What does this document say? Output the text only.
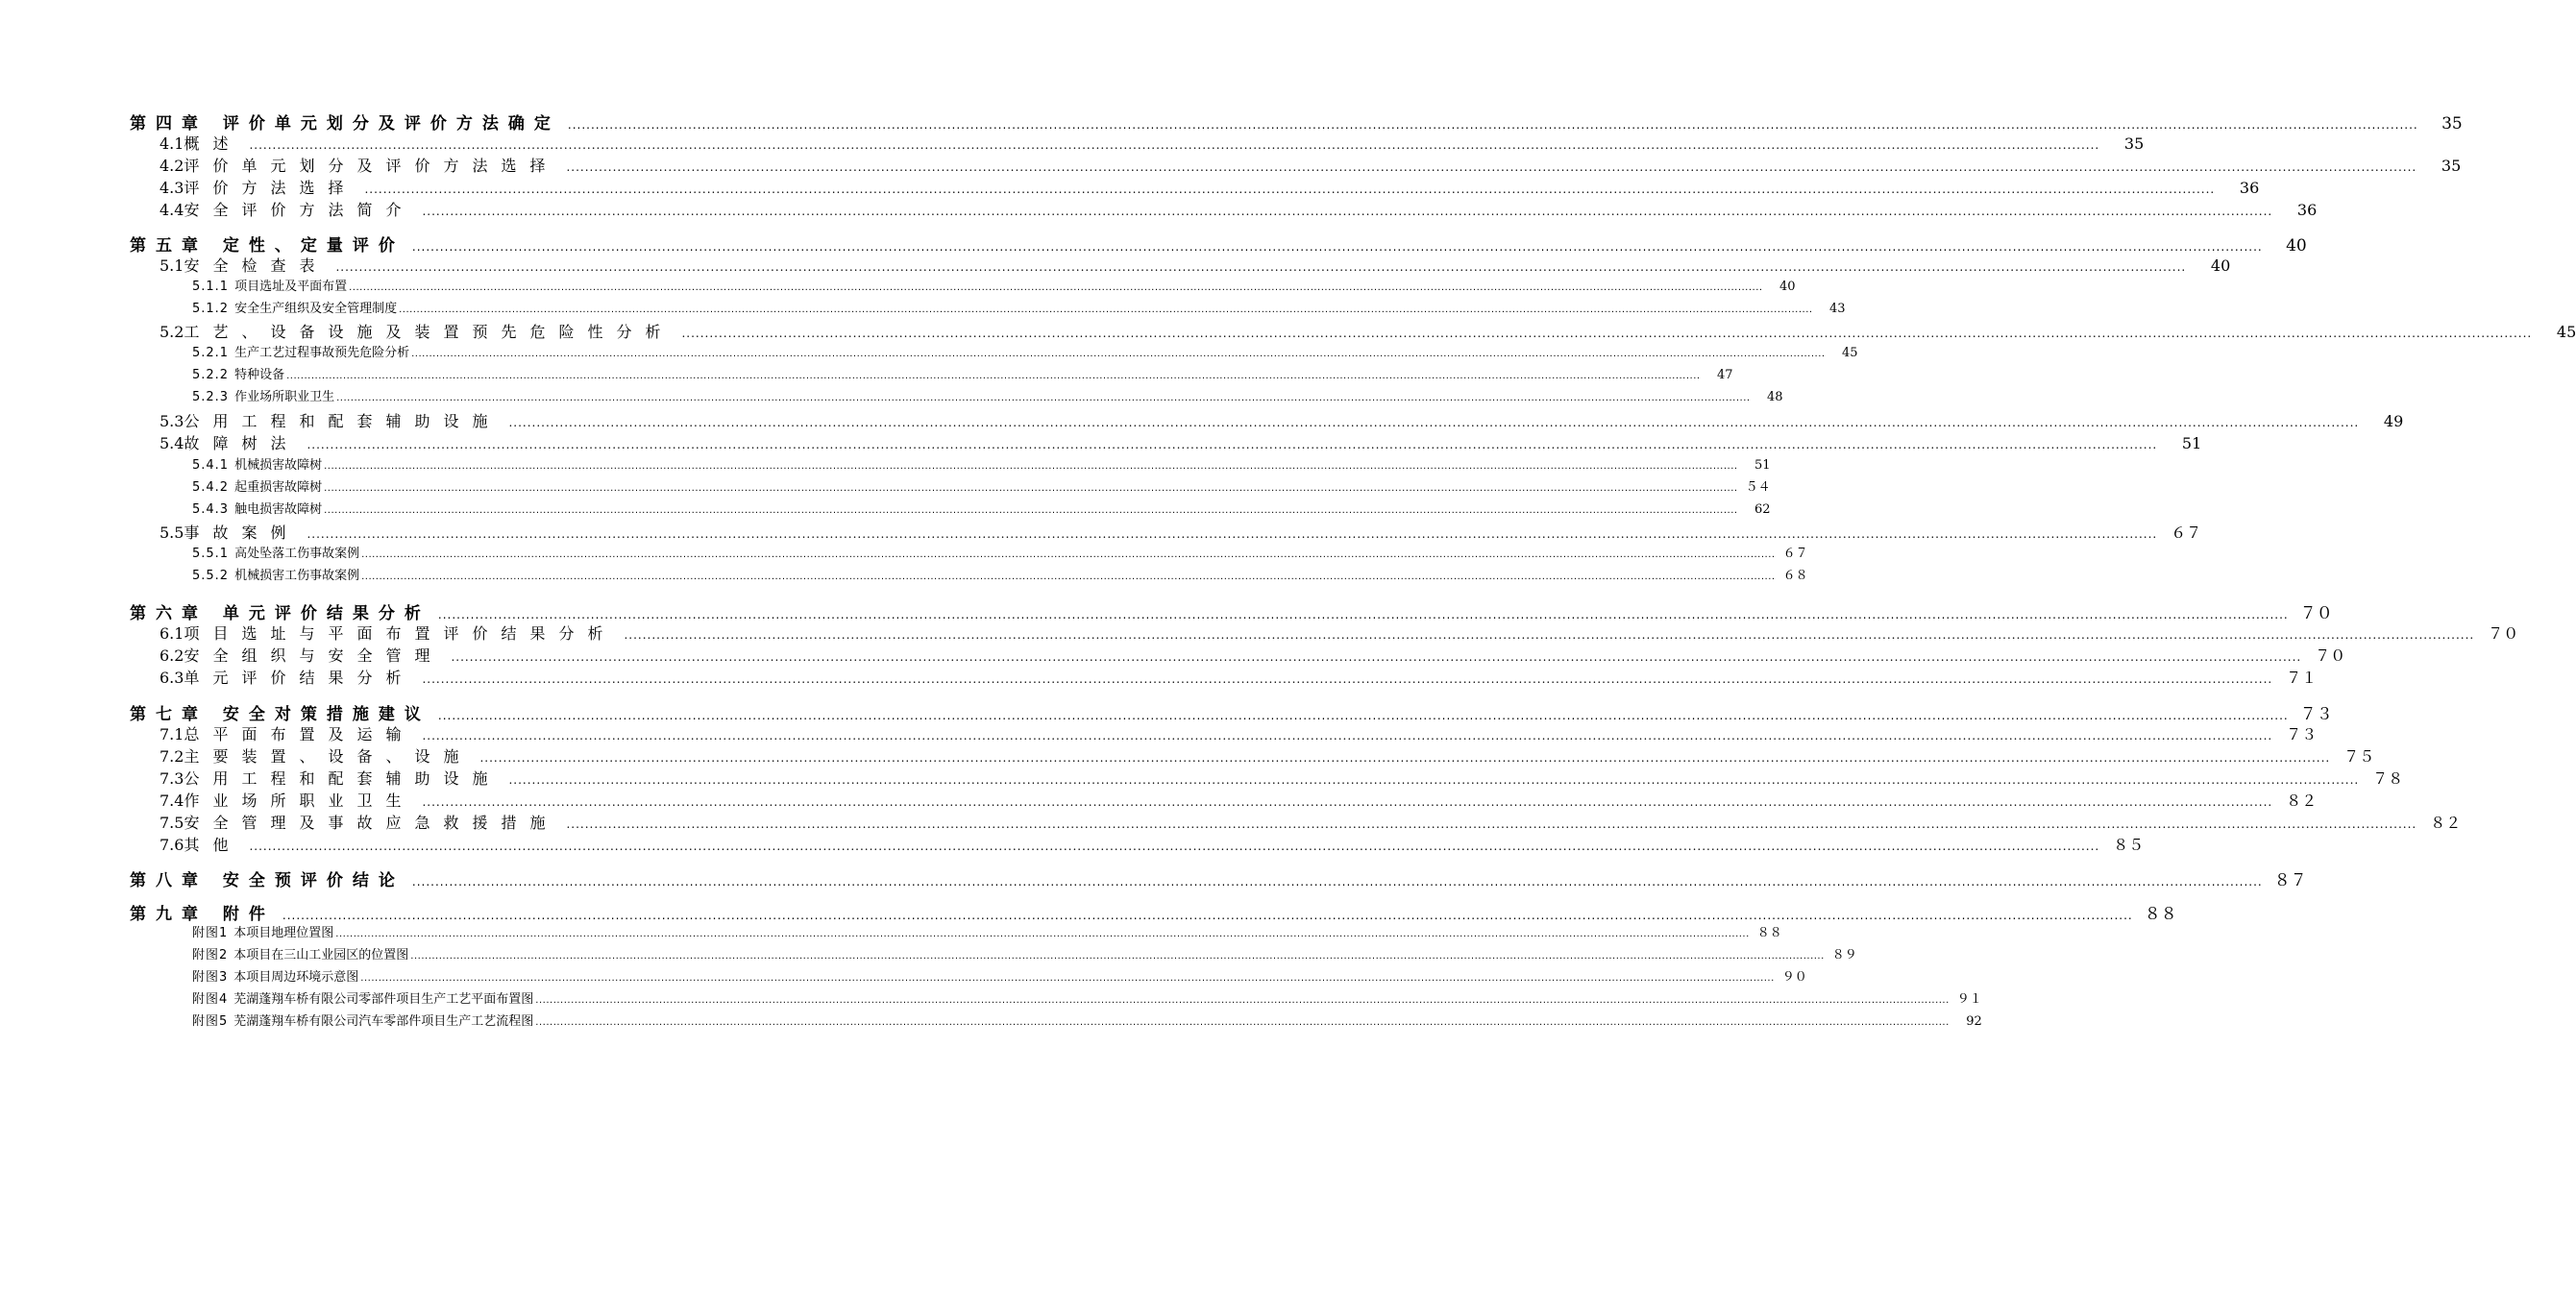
第四章 评价单元划分及评价方法确定 ................................................................................................................................................................................................................................................................................................................................................................................................................	35
4.1概述 ................................................................................................................................................................................................................................................................................................................................................................................................................	35
4.2评价单元划分及评价方法选择 ................................................................................................................................................................................................................................................................................................................................................................................................................	35
4.3评价方法选择 ................................................................................................................................................................................................................................................................................................................................................................................................................	36
4.4安全评价方法简介 ................................................................................................................................................................................................................................................................................................................................................................................................................	36
第五章 定性、定量评价 ................................................................................................................................................................................................................................................................................................................................................................................................................	40
5.1安全检查表 ................................................................................................................................................................................................................................................................................................................................................................................................................	40
5.1.1 项目选址及平面布置 ................................................................................................................................................................................................................................................................................................................................................................................................................	40
5.1.2 安全生产组织及安全管理制度 ................................................................................................................................................................................................................................................................................................................................................................................................................	43
5.2工艺、设备设施及装置预先危险性分析 ................................................................................................................................................................................................................................................................................................................................................................................................................	45
5.2.1 生产工艺过程事故预先危险分析 ................................................................................................................................................................................................................................................................................................................................................................................................................	45
5.2.2 特种设备 ................................................................................................................................................................................................................................................................................................................................................................................................................	47
5.2.3 作业场所职业卫生 ................................................................................................................................................................................................................................................................................................................................................................................................................	48
5.3公用工程和配套辅助设施 ................................................................................................................................................................................................................................................................................................................................................................................................................	49
5.4故障树法 ................................................................................................................................................................................................................................................................................................................................................................................................................	51
5.4.1 机械损害故障树 ................................................................................................................................................................................................................................................................................................................................................................................................................	51
5.4.2 起重损害故障树 ................................................................................................................................................................................................................................................................................................................................................................................................................ ５４
5.4.3 触电损害故障树 ................................................................................................................................................................................................................................................................................................................................................................................................................	62
5.5事故案例 ................................................................................................................................................................................................................................................................................................................................................................................................................ ６７
5.5.1 高处坠落工伤事故案例 ................................................................................................................................................................................................................................................................................................................................................................................................................ ６７
5.5.2 机械损害工伤事故案例 ................................................................................................................................................................................................................................................................................................................................................................................................................ ６８
第六章 单元评价结果分析 ................................................................................................................................................................................................................................................................................................................................................................................................................ ７０
6.1项目选址与平面布置评价结果分析 ................................................................................................................................................................................................................................................................................................................................................................................................................ ７０
6.2安全组织与安全管理 ................................................................................................................................................................................................................................................................................................................................................................................................................ ７０
6.3单元评价结果分析 ................................................................................................................................................................................................................................................................................................................................................................................................................ ７１
第七章 安全对策措施建议 ................................................................................................................................................................................................................................................................................................................................................................................................................ ７３
7.1总平面布置及运输 ................................................................................................................................................................................................................................................................................................................................................................................................................ ７３
7.2主要装置、设备、设施 ................................................................................................................................................................................................................................................................................................................................................................................................................ ７５
7.3公用工程和配套辅助设施 ................................................................................................................................................................................................................................................................................................................................................................................................................ ７８
7.4作业场所职业卫生 ................................................................................................................................................................................................................................................................................................................................................................................................................ ８２
7.5安全管理及事故应急救援措施 ................................................................................................................................................................................................................................................................................................................................................................................................................ ８２
7.6其他 ................................................................................................................................................................................................................................................................................................................................................................................................................ ８５
第八章 安全预评价结论 ................................................................................................................................................................................................................................................................................................................................................................................................................ ８７
第九章 附件 ................................................................................................................................................................................................................................................................................................................................................................................................................ ８８
附图1 本项目地理位置图 ................................................................................................................................................................................................................................................................................................................................................................................................................ ８８
附图2 本项目在三山工业园区的位置图 ................................................................................................................................................................................................................................................................................................................................................................................................................ ８９
附图3 本项目周边环境示意图 ................................................................................................................................................................................................................................................................................................................................................................................................................ ９０
附图4 芜湖蓬翔车桥有限公司零部件项目生产工艺平面布置图 ................................................................................................................................................................................................................................................................................................................................................................................................................ ９１
附图5 芜湖蓬翔车桥有限公司汽车零部件项目生产工艺流程图 ................................................................................................................................................................................................................................................................................................................................................................................................................	92
